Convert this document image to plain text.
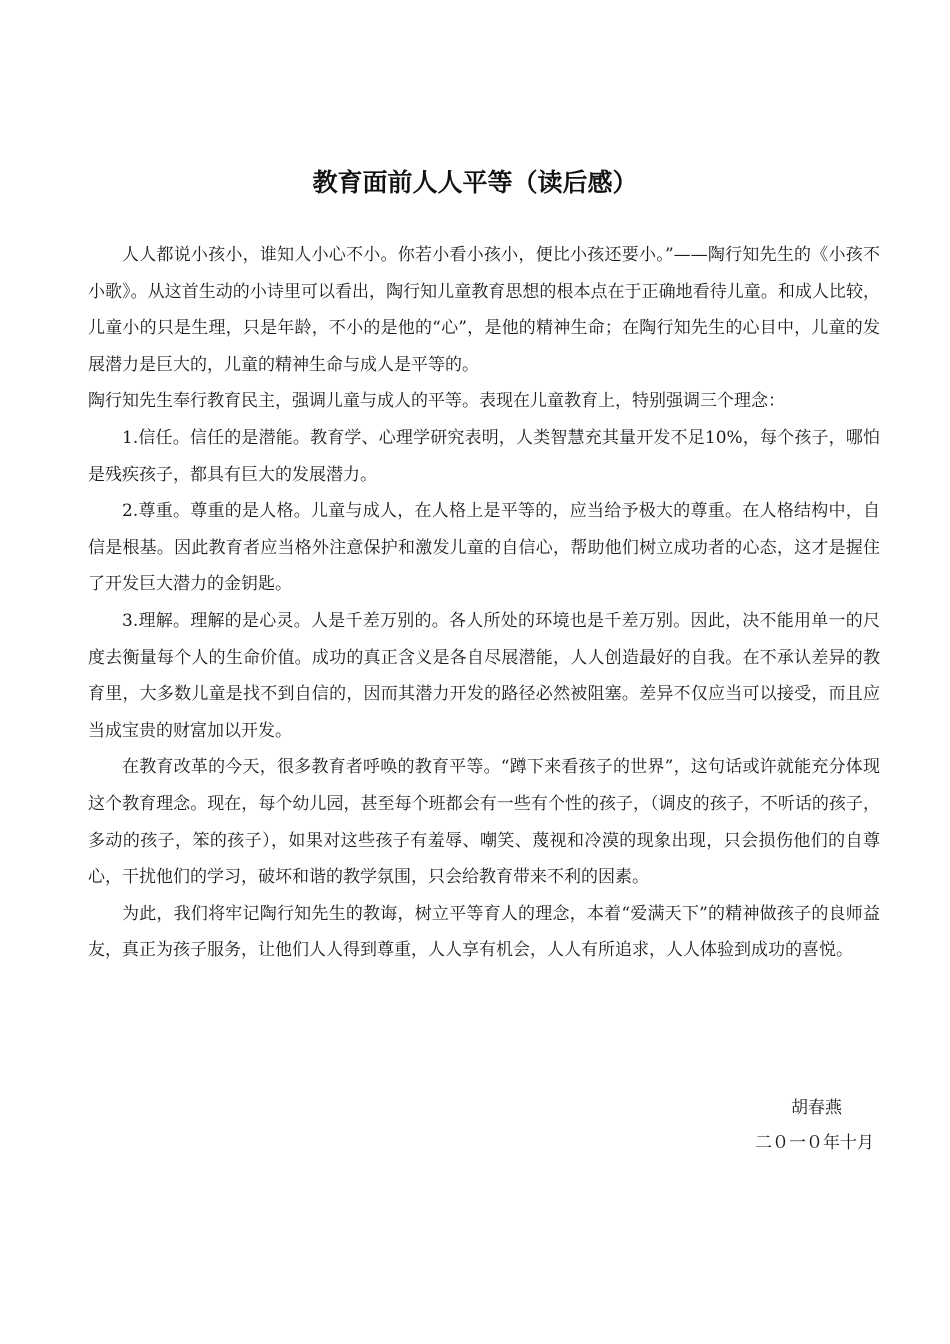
教育面前人人平等（读后感）

人人都说小孩小，谁知人小心不小。你若小看小孩小，便比小孩还要小。”——陶行知先生的《小孩不小歌》。从这首生动的小诗里可以看出，陶行知儿童教育思想的根本点在于正确地看待儿童。和成人比较，儿童小的只是生理，只是年龄，不小的是他的“心”，是他的精神生命；在陶行知先生的心目中，儿童的发展潜力是巨大的，儿童的精神生命与成人是平等的。

陶行知先生奉行教育民主，强调儿童与成人的平等。表现在儿童教育上，特别强调三个理念：

1.信任。信任的是潜能。教育学、心理学研究表明，人类智慧充其量开发不足10%，每个孩子，哪怕是残疾孩子，都具有巨大的发展潜力。

2.尊重。尊重的是人格。儿童与成人，在人格上是平等的，应当给予极大的尊重。在人格结构中，自信是根基。因此教育者应当格外注意保护和激发儿童的自信心，帮助他们树立成功者的心态，这才是握住了开发巨大潜力的金钥匙。

3.理解。理解的是心灵。人是千差万别的。各人所处的环境也是千差万别。因此，决不能用单一的尺度去衡量每个人的生命价值。成功的真正含义是各自尽展潜能，人人创造最好的自我。在不承认差异的教育里，大多数儿童是找不到自信的，因而其潜力开发的路径必然被阻塞。差异不仅应当可以接受，而且应当成宝贵的财富加以开发。

在教育改革的今天，很多教育者呼唤的教育平等。“蹲下来看孩子的世界”，这句话或许就能充分体现这个教育理念。现在，每个幼儿园，甚至每个班都会有一些有个性的孩子，（调皮的孩子，不听话的孩子，多动的孩子，笨的孩子），如果对这些孩子有羞辱、嘲笑、蔑视和冷漠的现象出现，只会损伤他们的自尊心，干扰他们的学习，破坏和谐的教学氛围，只会给教育带来不利的因素。

为此，我们将牢记陶行知先生的教诲，树立平等育人的理念，本着“爱满天下”的精神做孩子的良师益友，真正为孩子服务，让他们人人得到尊重，人人享有机会，人人有所追求，人人体验到成功的喜悦。

胡春燕
二０一０年十月
